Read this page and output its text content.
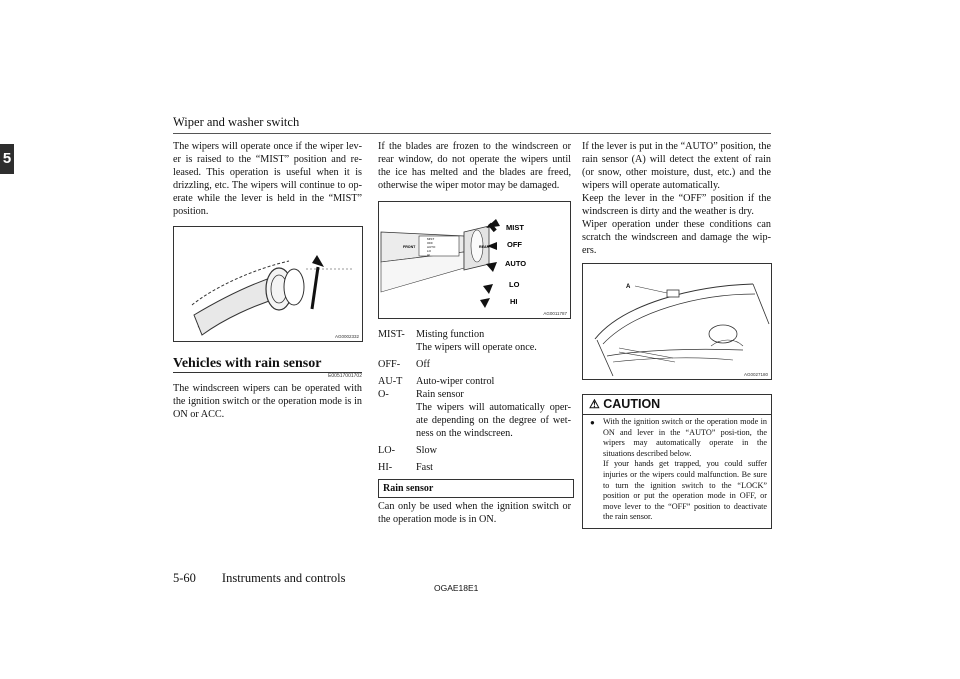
Wiper and washer switch
5

The wipers will operate once if the wiper lev-er is raised to the “MIST” position and re-leased. This operation is useful when it is drizzling, etc. The wipers will continue to op-erate while the lever is held in the “MIST” position.

AG0002332
Vehicles with rain sensor
E00517001702

The windscreen wipers can be operated with the ignition switch or the operation mode is in ON or ACC.

If the blades are frozen to the windscreen or rear window, do not operate the wipers until the ice has melted and the blades are freed, otherwise the wiper motor may be damaged.

FRONT
MIST
OFF
AUTO
LO
HI
REAR
MIST
OFF
AUTO
LO
HI
AG0011787
MIST-	Misting function
The wipers will operate once.
OFF-	Off
AU-TO-
Auto-wiper control
Rain sensor
The wipers will automatically oper-ate depending on the degree of wet-ness on the windscreen.
LO-	Slow
HI-	Fast
Rain sensor

Can only be used when the ignition switch or the operation mode is in ON.

If the lever is put in the “AUTO” position, the rain sensor (A) will detect the extent of rain (or snow, other moisture, dust, etc.) and the wipers will operate automatically.

Keep the lever in the “OFF” position if the windscreen is dirty and the weather is dry.

Wiper operation under these conditions can scratch the windscreen and damage the wip-ers.

A
AG0027180
⚠ CAUTION
● With the ignition switch or the operation mode in ON and lever in the “AUTO” posi-tion, the wipers may automatically operate in the situations described below.

If your hands get trapped, you could suffer injuries or the wipers could malfunction. Be sure to turn the ignition switch to the “LOCK” position or put the operation mode in OFF, or move lever to the “OFF” position to deactivate the rain sensor.

5-60 Instruments and controls
OGAE18E1
